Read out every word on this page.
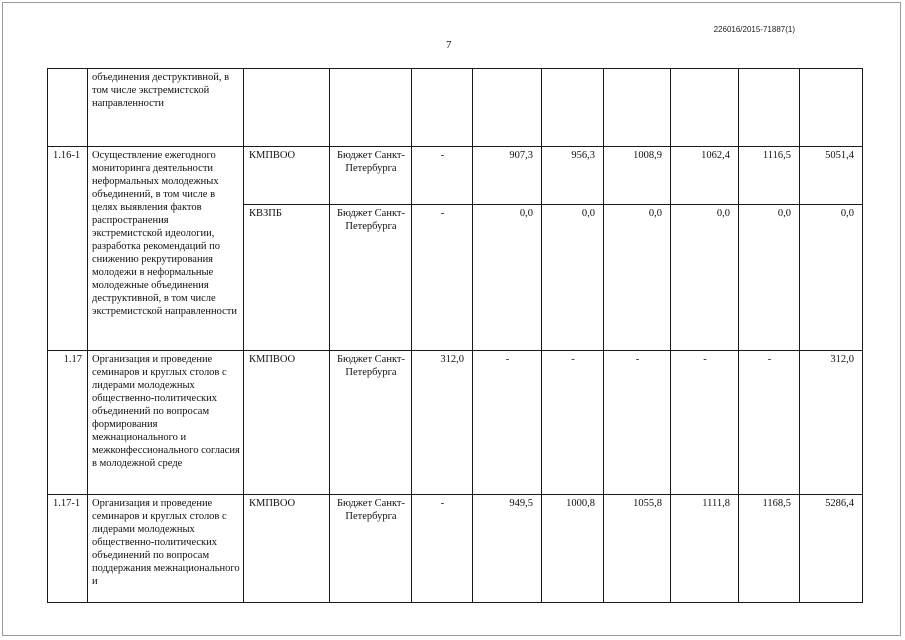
226016/2015-71887(1)
7
	объединения деструктивной, в том числе экстремистской направленности									
1.16-1	Осуществление ежегодного мониторинга деятельности неформальных молодежных объединений, в том числе в целях выявления фактов распространения экстремистской идеологии, разработка рекомендаций по снижению рекрутирования молодежи в неформальные молодежные объединения деструктивной, в том числе экстремистской направленности	КМПВОО	Бюджет Санкт-Петербурга	-	907,3	956,3	1008,9	1062,4	1116,5	5051,4
		КВЗПБ	Бюджет Санкт-Петербурга	-	0,0	0,0	0,0	0,0	0,0	0,0
1.17	Организация и проведение семинаров и круглых столов с лидерами молодежных общественно-политических объединений по вопросам формирования межнационального и межконфессионального согласия в молодежной среде	КМПВОО	Бюджет Санкт-Петербурга	312,0	-	-	-	-	-	312,0
1.17-1	Организация и проведение семинаров и круглых столов с лидерами молодежных общественно-политических объединений по вопросам поддержания межнационального и	КМПВОО	Бюджет Санкт-Петербурга	-	949,5	1000,8	1055,8	1111,8	1168,5	5286,4
